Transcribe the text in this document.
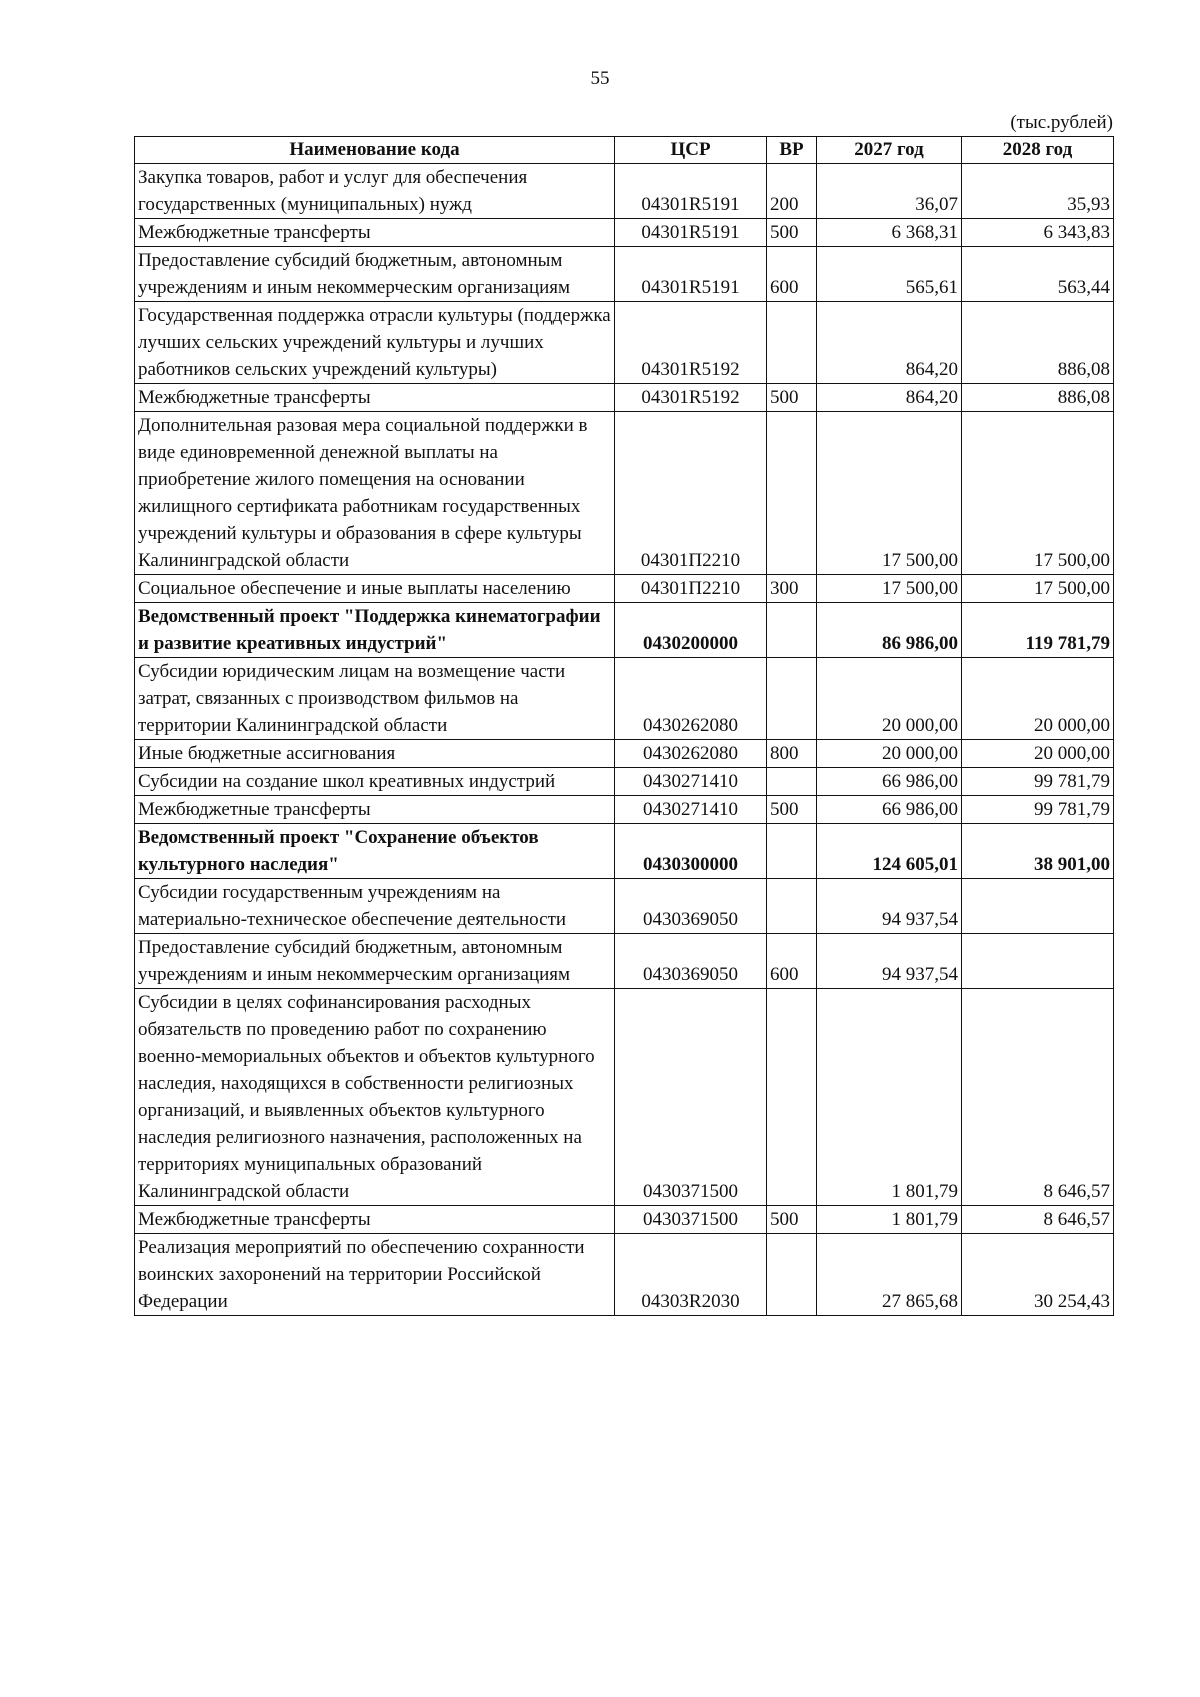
55
(тыс.рублей)
Наименование кода	ЦСР	ВР	2027 год	2028 год
Закупка товаров, работ и услуг для обеспечения государственных (муниципальных) нужд	04301R5191	200	36,07	35,93
Межбюджетные трансферты	04301R5191	500	6 368,31	6 343,83
Предоставление субсидий бюджетным, автономным учреждениям и иным некоммерческим организациям	04301R5191	600	565,61	563,44
Государственная поддержка отрасли культуры (поддержка лучших сельских учреждений культуры и лучших работников сельских учреждений культуры)	04301R5192		864,20	886,08
Межбюджетные трансферты	04301R5192	500	864,20	886,08
Дополнительная разовая мера социальной поддержки в виде единовременной денежной выплаты на приобретение жилого помещения на основании жилищного сертификата работникам государственных учреждений культуры и образования в сфере культуры Калининградской области	04301П2210		17 500,00	17 500,00
Социальное обеспечение и иные выплаты населению	04301П2210	300	17 500,00	17 500,00
Ведомственный проект "Поддержка кинематографии и развитие креативных индустрий"	0430200000		86 986,00	119 781,79
Субсидии юридическим лицам на возмещение части затрат, связанных с производством фильмов на территории Калининградской области	0430262080		20 000,00	20 000,00
Иные бюджетные ассигнования	0430262080	800	20 000,00	20 000,00
Субсидии на создание школ креативных индустрий	0430271410		66 986,00	99 781,79
Межбюджетные трансферты	0430271410	500	66 986,00	99 781,79
Ведомственный проект "Сохранение объектов культурного наследия"	0430300000		124 605,01	38 901,00
Субсидии государственным учреждениям на материально-техническое обеспечение деятельности	0430369050		94 937,54	
Предоставление субсидий бюджетным, автономным учреждениям и иным некоммерческим организациям	0430369050	600	94 937,54	
Субсидии в целях софинансирования расходных обязательств по проведению работ по сохранению военно-мемориальных объектов и объектов культурного наследия, находящихся в собственности религиозных организаций, и выявленных объектов культурного наследия религиозного назначения, расположенных на территориях муниципальных образований Калининградской области	0430371500		1 801,79	8 646,57
Межбюджетные трансферты	0430371500	500	1 801,79	8 646,57
Реализация мероприятий по обеспечению сохранности воинских захоронений на территории Российской Федерации	04303R2030		27 865,68	30 254,43
